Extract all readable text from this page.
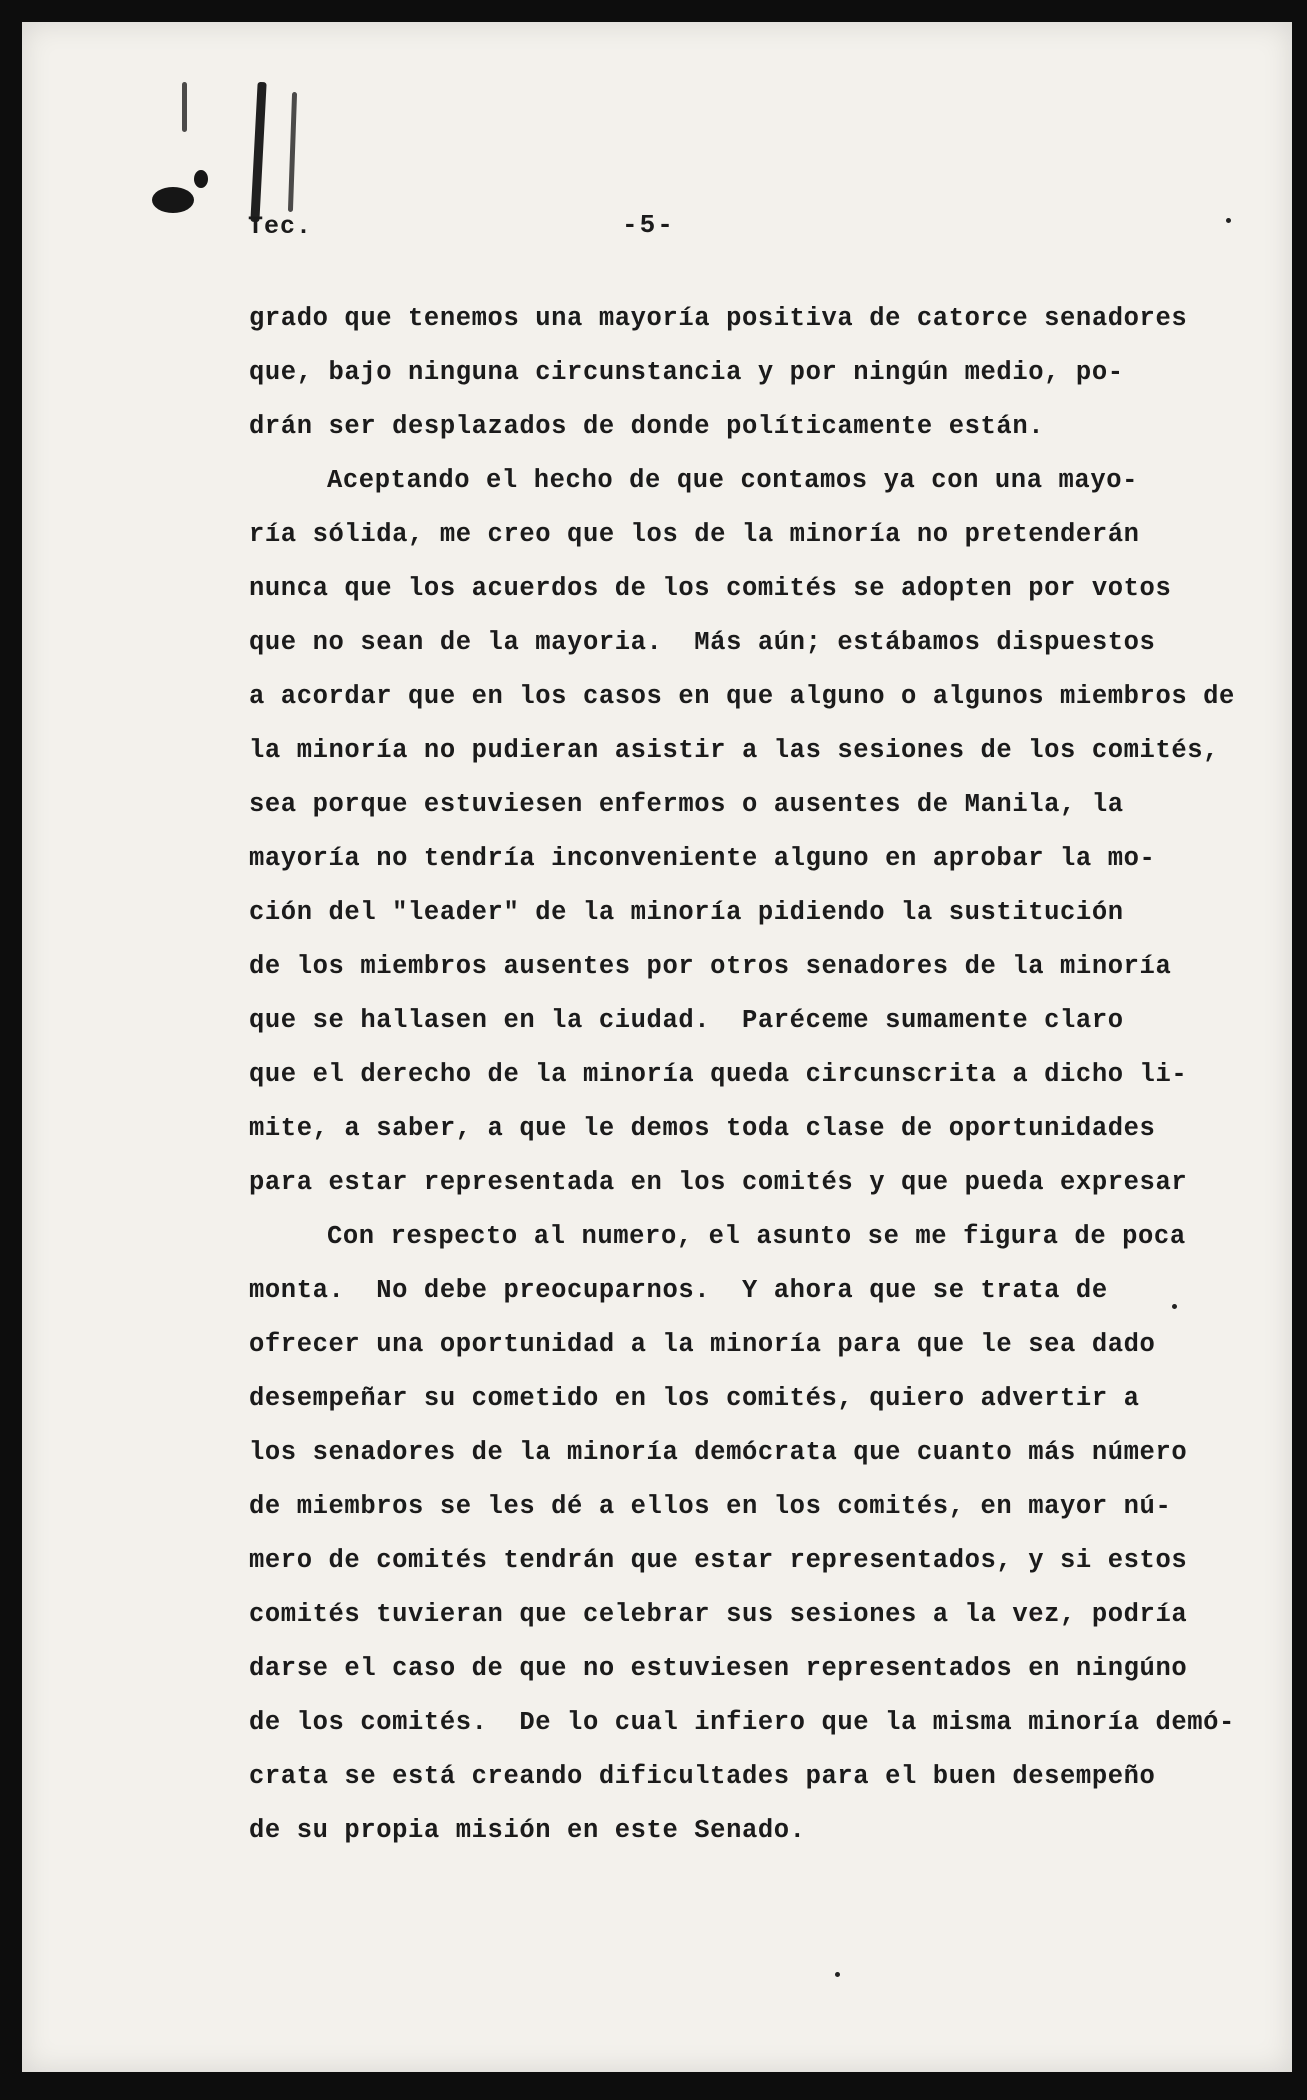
Tec.	-5-
grado que tenemos una mayoría positiva de catorce senadores
que, bajo ninguna circunstancia y por ningún medio, po-
drán ser desplazados de donde políticamente están.
Aceptando el hecho de que contamos ya con una mayo-
ría sólida, me creo que los de la minoría no pretenderán
nunca que los acuerdos de los comités se adopten por votos
que no sean de la mayoria.  Más aún; estábamos dispuestos
a acordar que en los casos en que alguno o algunos miembros de
la minoría no pudieran asistir a las sesiones de los comités,
sea porque estuviesen enfermos o ausentes de Manila, la
mayoría no tendría inconveniente alguno en aprobar la mo-
ción del "leader" de la minoría pidiendo la sustitución
de los miembros ausentes por otros senadores de la minoría
que se hallasen en la ciudad.  Paréceme sumamente claro
que el derecho de la minoría queda circunscrita a dicho li-
mite, a saber, a que le demos toda clase de oportunidades
para estar representada en los comités y que pueda expresar
Con respecto al numero, el asunto se me figura de poca
monta.  No debe preocuparnos.  Y ahora que se trata de
ofrecer una oportunidad a la minoría para que le sea dado
desempeñar su cometido en los comités, quiero advertir a
los senadores de la minoría demócrata que cuanto más número
de miembros se les dé a ellos en los comités, en mayor nú-
mero de comités tendrán que estar representados, y si estos
comités tuvieran que celebrar sus sesiones a la vez, podría
darse el caso de que no estuviesen representados en ningúno
de los comités.  De lo cual infiero que la misma minoría demó-
crata se está creando dificultades para el buen desempeño
de su propia misión en este Senado.
